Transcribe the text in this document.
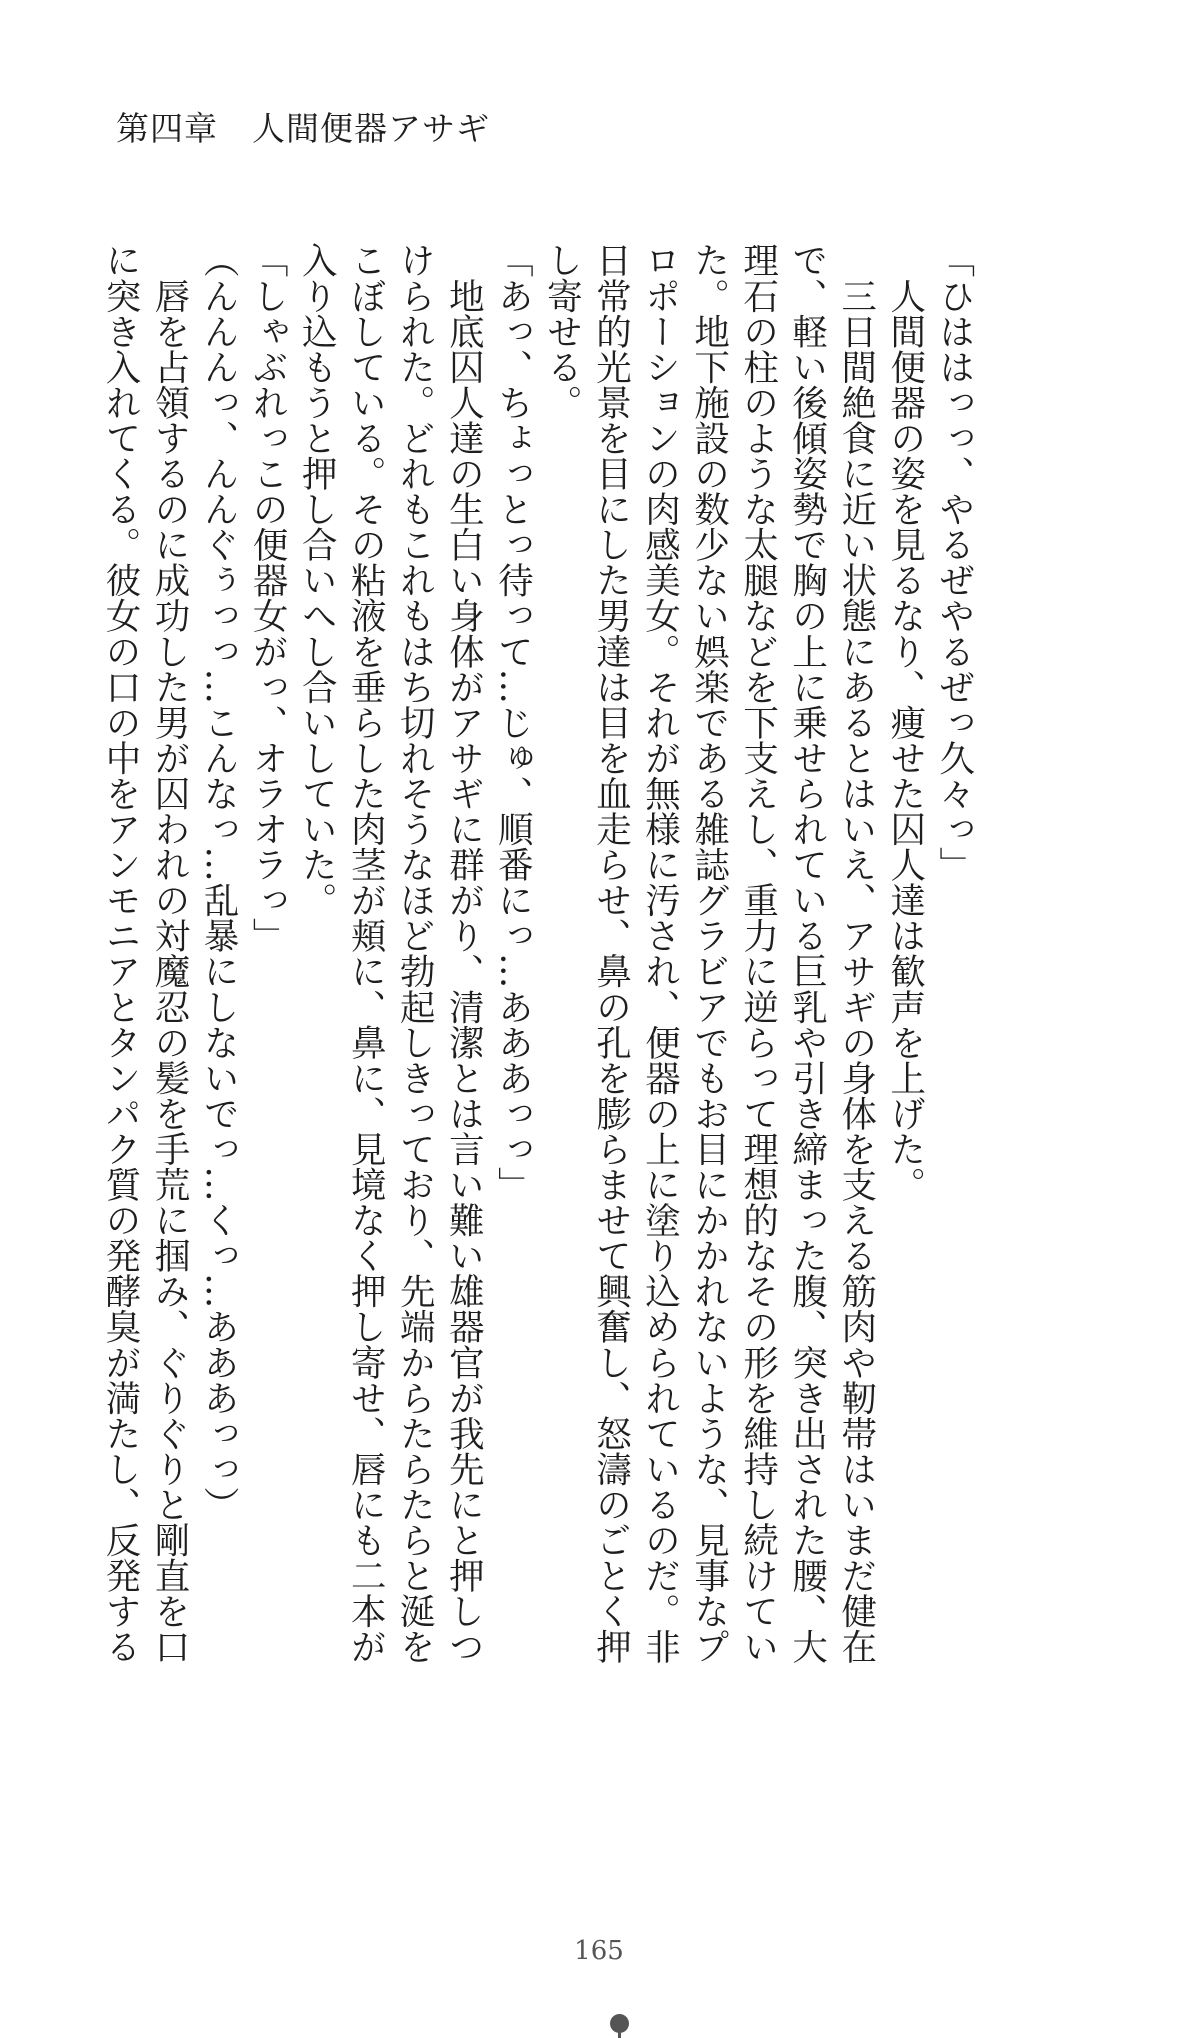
第四章　人間便器アサギ
「ひははっっ、やるぜやるぜっ久々っ」
　人間便器の姿を見るなり、痩せた囚人達は歓声を上げた。
　三日間絶食に近い状態にあるとはいえ、アサギの身体を支える筋肉や靭帯はいまだ健在
で、軽い後傾姿勢で胸の上に乗せられている巨乳や引き締まった腹、突き出された腰、大
理石の柱のような太腿などを下支えし、重力に逆らって理想的なその形を維持し続けてい
た。地下施設の数少ない娯楽である雑誌グラビアでもお目にかかれないような、見事なプ
ロポーションの肉感美女。それが無様に汚され、便器の上に塗り込められているのだ。非
日常的光景を目にした男達は目を血走らせ、鼻の孔を膨らませて興奮し、怒濤のごとく押
し寄せる。
「あっ、ちょっとっ待って…じゅ、順番にっ…あああっっ」
　地底囚人達の生白い身体がアサギに群がり、清潔とは言い難い雄器官が我先にと押しつ
けられた。どれもこれもはち切れそうなほど勃起しきっており、先端からたらたらと涎を
こぼしている。その粘液を垂らした肉茎が頬に、鼻に、見境なく押し寄せ、唇にも二本が
入り込もうと押し合いへし合いしていた。
「しゃぶれっこの便器女がっ、オラオラっ」
（んんんっ、んんぐぅっっ…こんなっ…乱暴にしないでっ…くっ…あああっっ）
　唇を占領するのに成功した男が囚われの対魔忍の髪を手荒に掴み、ぐりぐりと剛直を口
に突き入れてくる。彼女の口の中をアンモニアとタンパク質の発酵臭が満たし、反発する
165
